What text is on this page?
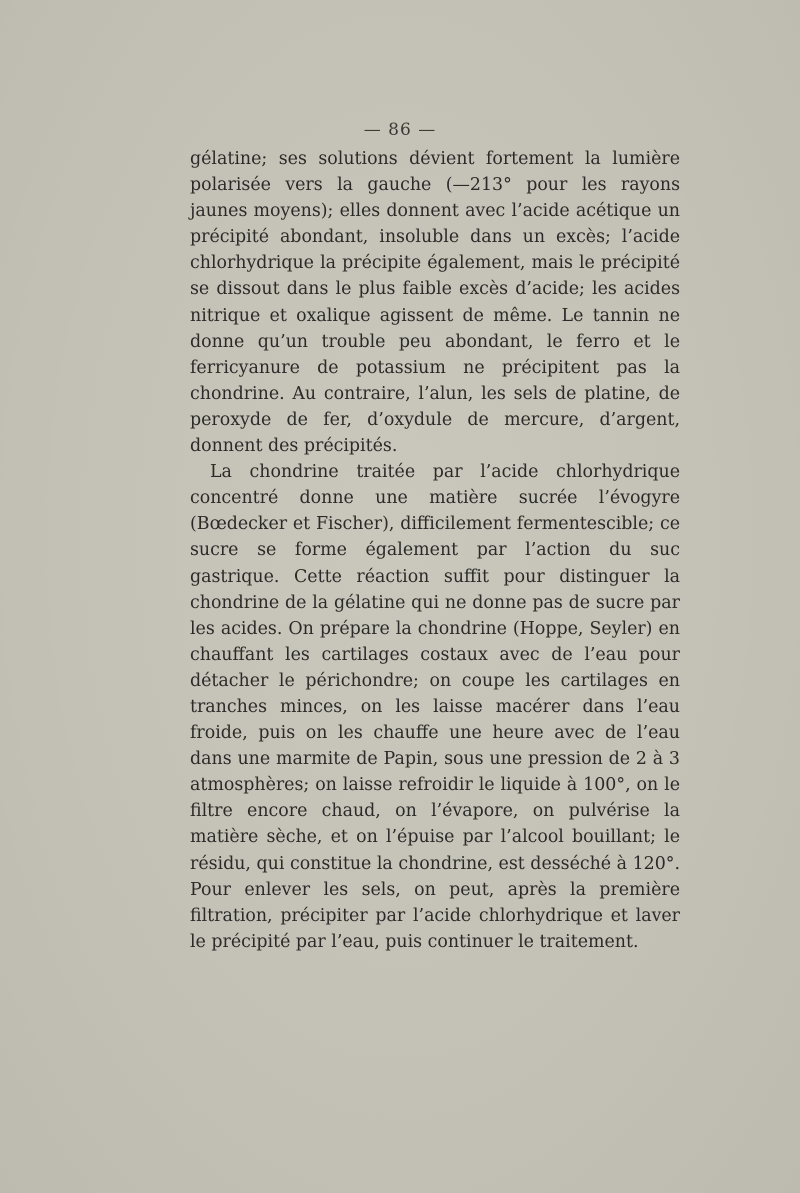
— 86 —

gélatine; ses solutions dévient fortement la lumière polarisée vers la gauche (—213° pour les rayons jaunes moyens); elles donnent avec l’acide acétique un précipité abondant, insoluble dans un excès; l’acide chlorhydrique la précipite également, mais le précipité se dissout dans le plus faible excès d’acide; les acides nitrique et oxalique agissent de même. Le tannin ne donne qu’un trouble peu abondant, le ferro et le ferricyanure de potassium ne précipitent pas la chondrine. Au contraire, l’alun, les sels de platine, de peroxyde de fer, d’oxydule de mercure, d’argent, donnent des précipités.

La chondrine traitée par l’acide chlorhydrique concentré donne une matière sucrée l’évogyre (Bœdecker et Fischer), difficilement fermentescible; ce sucre se forme également par l’action du suc gastrique. Cette réaction suffit pour distinguer la chondrine de la gélatine qui ne donne pas de sucre par les acides. On prépare la chondrine (Hoppe, Seyler) en chauffant les cartilages costaux avec de l’eau pour détacher le périchondre; on coupe les cartilages en tranches minces, on les laisse macérer dans l’eau froide, puis on les chauffe une heure avec de l’eau dans une marmite de Papin, sous une pression de 2 à 3 atmosphères; on laisse refroidir le liquide à 100°, on le filtre encore chaud, on l’évapore, on pulvérise la matière sèche, et on l’épuise par l’alcool bouillant; le résidu, qui constitue la chondrine, est desséché à 120°. Pour enlever les sels, on peut, après la première filtration, précipiter par l’acide chlorhydrique et laver le précipité par l’eau, puis continuer le traitement.
